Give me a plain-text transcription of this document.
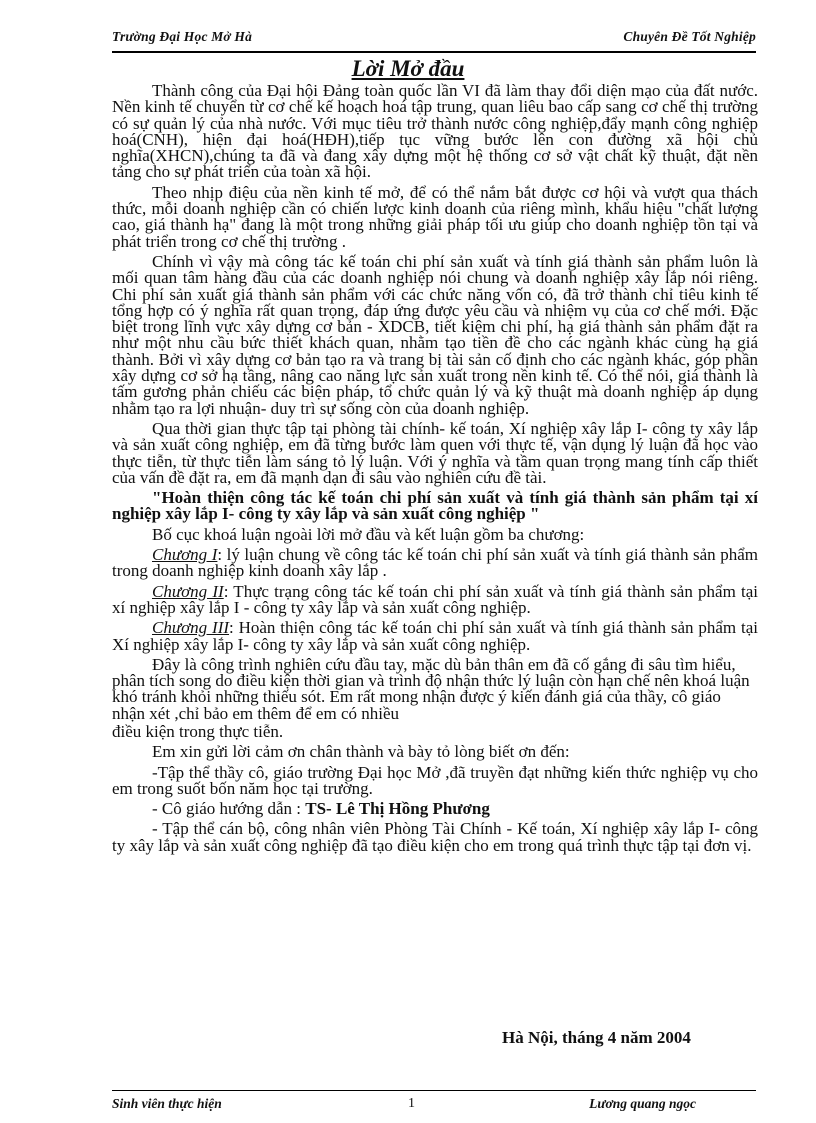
Trường Đại Học Mở Hà	Chuyên Đề Tốt Nghiệp
Lời Mở đầu

Thành công của Đại hội Đảng toàn quốc lần VI đã làm thay đổi diện mạo của đất nước. Nền kinh tế chuyển từ cơ chế kế hoạch hoá tập trung, quan liêu bao cấp sang cơ chế thị trường có sự quản lý của nhà nước. Với mục tiêu trở thành nước công nghiệp,đẩy mạnh công nghiệp hoá(CNH), hiện đại hoá(HĐH),tiếp tục vững bước lên con đường xã hội chủ nghĩa(XHCN),chúng ta đã và đang xây dựng một hệ thống cơ sở vật chất kỹ thuật, đặt nền tảng cho sự phát triển của toàn xã hội.

Theo nhịp điệu của nền kinh tế mở, để có thể nắm bắt được cơ hội và vượt qua thách thức, mỗi doanh nghiệp cần có chiến lược kinh doanh của riêng mình, khẩu hiệu "chất lượng cao, giá thành hạ" đang là một trong những giải pháp tối ưu giúp cho doanh nghiệp tồn tại và phát triển trong cơ chế thị trường .

Chính vì vậy mà công tác kế toán chi phí sản xuất và tính giá thành sản phẩm luôn là mối quan tâm hàng đầu của các doanh nghiệp nói chung và doanh nghiệp xây lắp nói riêng. Chi phí sản xuất giá thành sản phẩm với các chức năng vốn có, đã trở thành chỉ tiêu kinh tế tổng hợp có ý nghĩa rất quan trọng, đáp ứng được yêu cầu và nhiệm vụ của cơ chế mới. Đặc biệt trong lĩnh vực xây dựng cơ bản - XDCB, tiết kiệm chi phí, hạ giá thành sản phẩm đặt ra như một nhu cầu bức thiết khách quan, nhằm tạo tiền đề cho các ngành khác cùng hạ giá thành. Bởi vì xây dựng cơ bản tạo ra và trang bị tài sản cố định cho các ngành khác, góp phần xây dựng cơ sở hạ tầng, nâng cao năng lực sản xuất trong nền kinh tế. Có thể nói, giá thành là tấm gương phản chiếu các biện pháp, tổ chức quản lý và kỹ thuật mà doanh nghiệp áp dụng nhằm tạo ra lợi nhuận- duy trì sự sống còn của doanh nghiệp.

Qua thời gian thực tập tại phòng tài chính- kế toán, Xí nghiệp xây lắp I- công ty xây lắp và sản xuất công nghiệp, em đã từng bước làm quen với thực tế, vận dụng lý luận đã học vào thực tiễn, từ thực tiễn làm sáng tỏ lý luận. Với ý nghĩa và tầm quan trọng mang tính cấp thiết của vấn đề đặt ra, em đã mạnh dạn đi sâu vào nghiên cứu đề tài.

"Hoàn thiện công tác kế toán chi phí sản xuất và tính giá thành sản phẩm tại xí nghiệp xây lắp I- công ty xây lắp và sản xuất công nghiệp "

Bố cục khoá luận ngoài lời mở đầu và kết luận gồm ba chương:

Chương I: lý luận chung về công tác kế toán chi phí sản xuất và tính giá thành sản phẩm trong doanh nghiệp kinh doanh xây lắp .

Chương II: Thực trạng công tác kế toán chi phí sản xuất và tính giá thành sản phẩm tại xí nghiệp xây lắp I - công ty xây lắp và sản xuất công nghiệp.

Chương III: Hoàn thiện công tác kế toán chi phí sản xuất và tính giá thành sản phẩm tại Xí nghiệp xây lắp I- công ty xây lắp và sản xuất công nghiệp.

Đây là công trình nghiên cứu đầu tay, mặc dù bản thân em đã cố gắng đi sâu tìm hiểu, phân tích song do điều kiện thời gian và trình độ nhận thức lý luận còn hạn chế nên khoá luận khó tránh khỏi những thiếu sót. Em rất mong nhận được ý kiến đánh giá của thầy, cô giáo nhận xét ,chỉ bảo em thêm để em có nhiều

điều kiện trong thực tiễn.

Em xin gửi lời cảm ơn chân thành và bày tỏ lòng biết ơn đến:

-Tập thể thầy cô, giáo trường Đại học Mở ,đã truyền đạt những kiến thức nghiệp vụ cho em trong suốt bốn năm học tại trường.

- Cô giáo hướng dẫn : TS- Lê Thị Hồng Phương

- Tập thể cán bộ, công nhân viên Phòng Tài Chính - Kế toán, Xí nghiệp xây lắp I- công ty xây lắp và sản xuất công nghiệp đã tạo điều kiện cho em trong quá trình thực tập tại đơn vị.

Hà Nội, tháng 4 năm 2004
Sinh viên thực hiện	1	Lương quang ngọc
